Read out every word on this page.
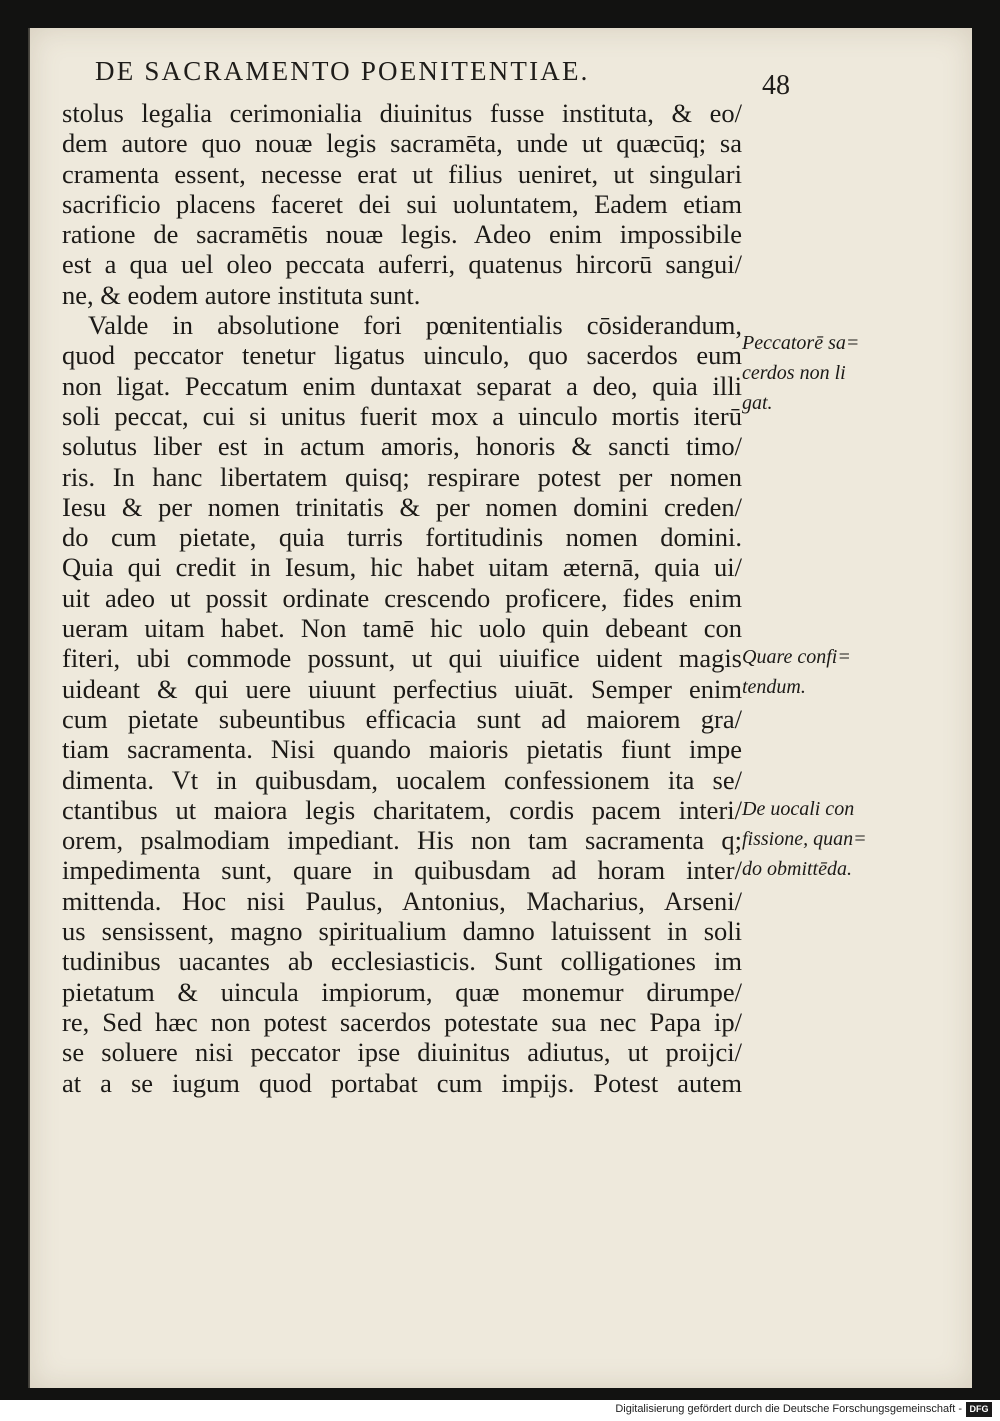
DE SACRAMENTO POENITENTIAE.	48
stolus legalia cerimonialia diuinitus fusse instituta, & eo/
dem autore quo nouæ legis sacramēta, unde ut quæcūq; sa
cramenta essent, necesse erat ut filius ueniret, ut singulari
sacrificio placens faceret dei sui uoluntatem, Eadem etiam
ratione de sacramētis nouæ legis. Adeo enim impossibile
est a qua uel oleo peccata auferri, quatenus hircorū sangui/
ne, & eodem autore instituta sunt.
Valde in absolutione fori pœnitentialis cōsiderandum,
quod peccator tenetur ligatus uinculo, quo sacerdos eum
non ligat. Peccatum enim duntaxat separat a deo, quia illi
soli peccat, cui si unitus fuerit mox a uinculo mortis iterū
solutus liber est in actum amoris, honoris & sancti timo/
ris. In hanc libertatem quisq; respirare potest per nomen
Iesu & per nomen trinitatis & per nomen domini creden/
do cum pietate, quia turris fortitudinis nomen domini.
Quia qui credit in Iesum, hic habet uitam æternā, quia ui/
uit adeo ut possit ordinate crescendo proficere, fides enim
ueram uitam habet. Non tamē hic uolo quin debeant con
fiteri, ubi commode possunt, ut qui uiuifice uident magis
uideant & qui uere uiuunt perfectius uiuāt. Semper enim
cum pietate subeuntibus efficacia sunt ad maiorem gra/
tiam sacramenta. Nisi quando maioris pietatis fiunt impe
dimenta. Vt in quibusdam, uocalem confessionem ita se/
ctantibus ut maiora legis charitatem, cordis pacem interi/
orem, psalmodiam impediant. His non tam sacramenta q;
impedimenta sunt, quare in quibusdam ad horam inter/
mittenda. Hoc nisi Paulus, Antonius, Macharius, Arseni/
us sensissent, magno spiritualium damno latuissent in soli
tudinibus uacantes ab ecclesiasticis. Sunt colligationes im
pietatum & uincula impiorum, quæ monemur dirumpe/
re, Sed hæc non potest sacerdos potestate sua nec Papa ip/
se soluere nisi peccator ipse diuinitus adiutus, ut proijci/
at a se iugum quod portabat cum impijs. Potest autem
Peccatorē sa=
cerdos non li
gat.
Quare confi=
tendum.
De uocali con
fissione, quan=
do obmittēda.
Digitalisierung gefördert durch die Deutsche Forschungsgemeinschaft - DFG
